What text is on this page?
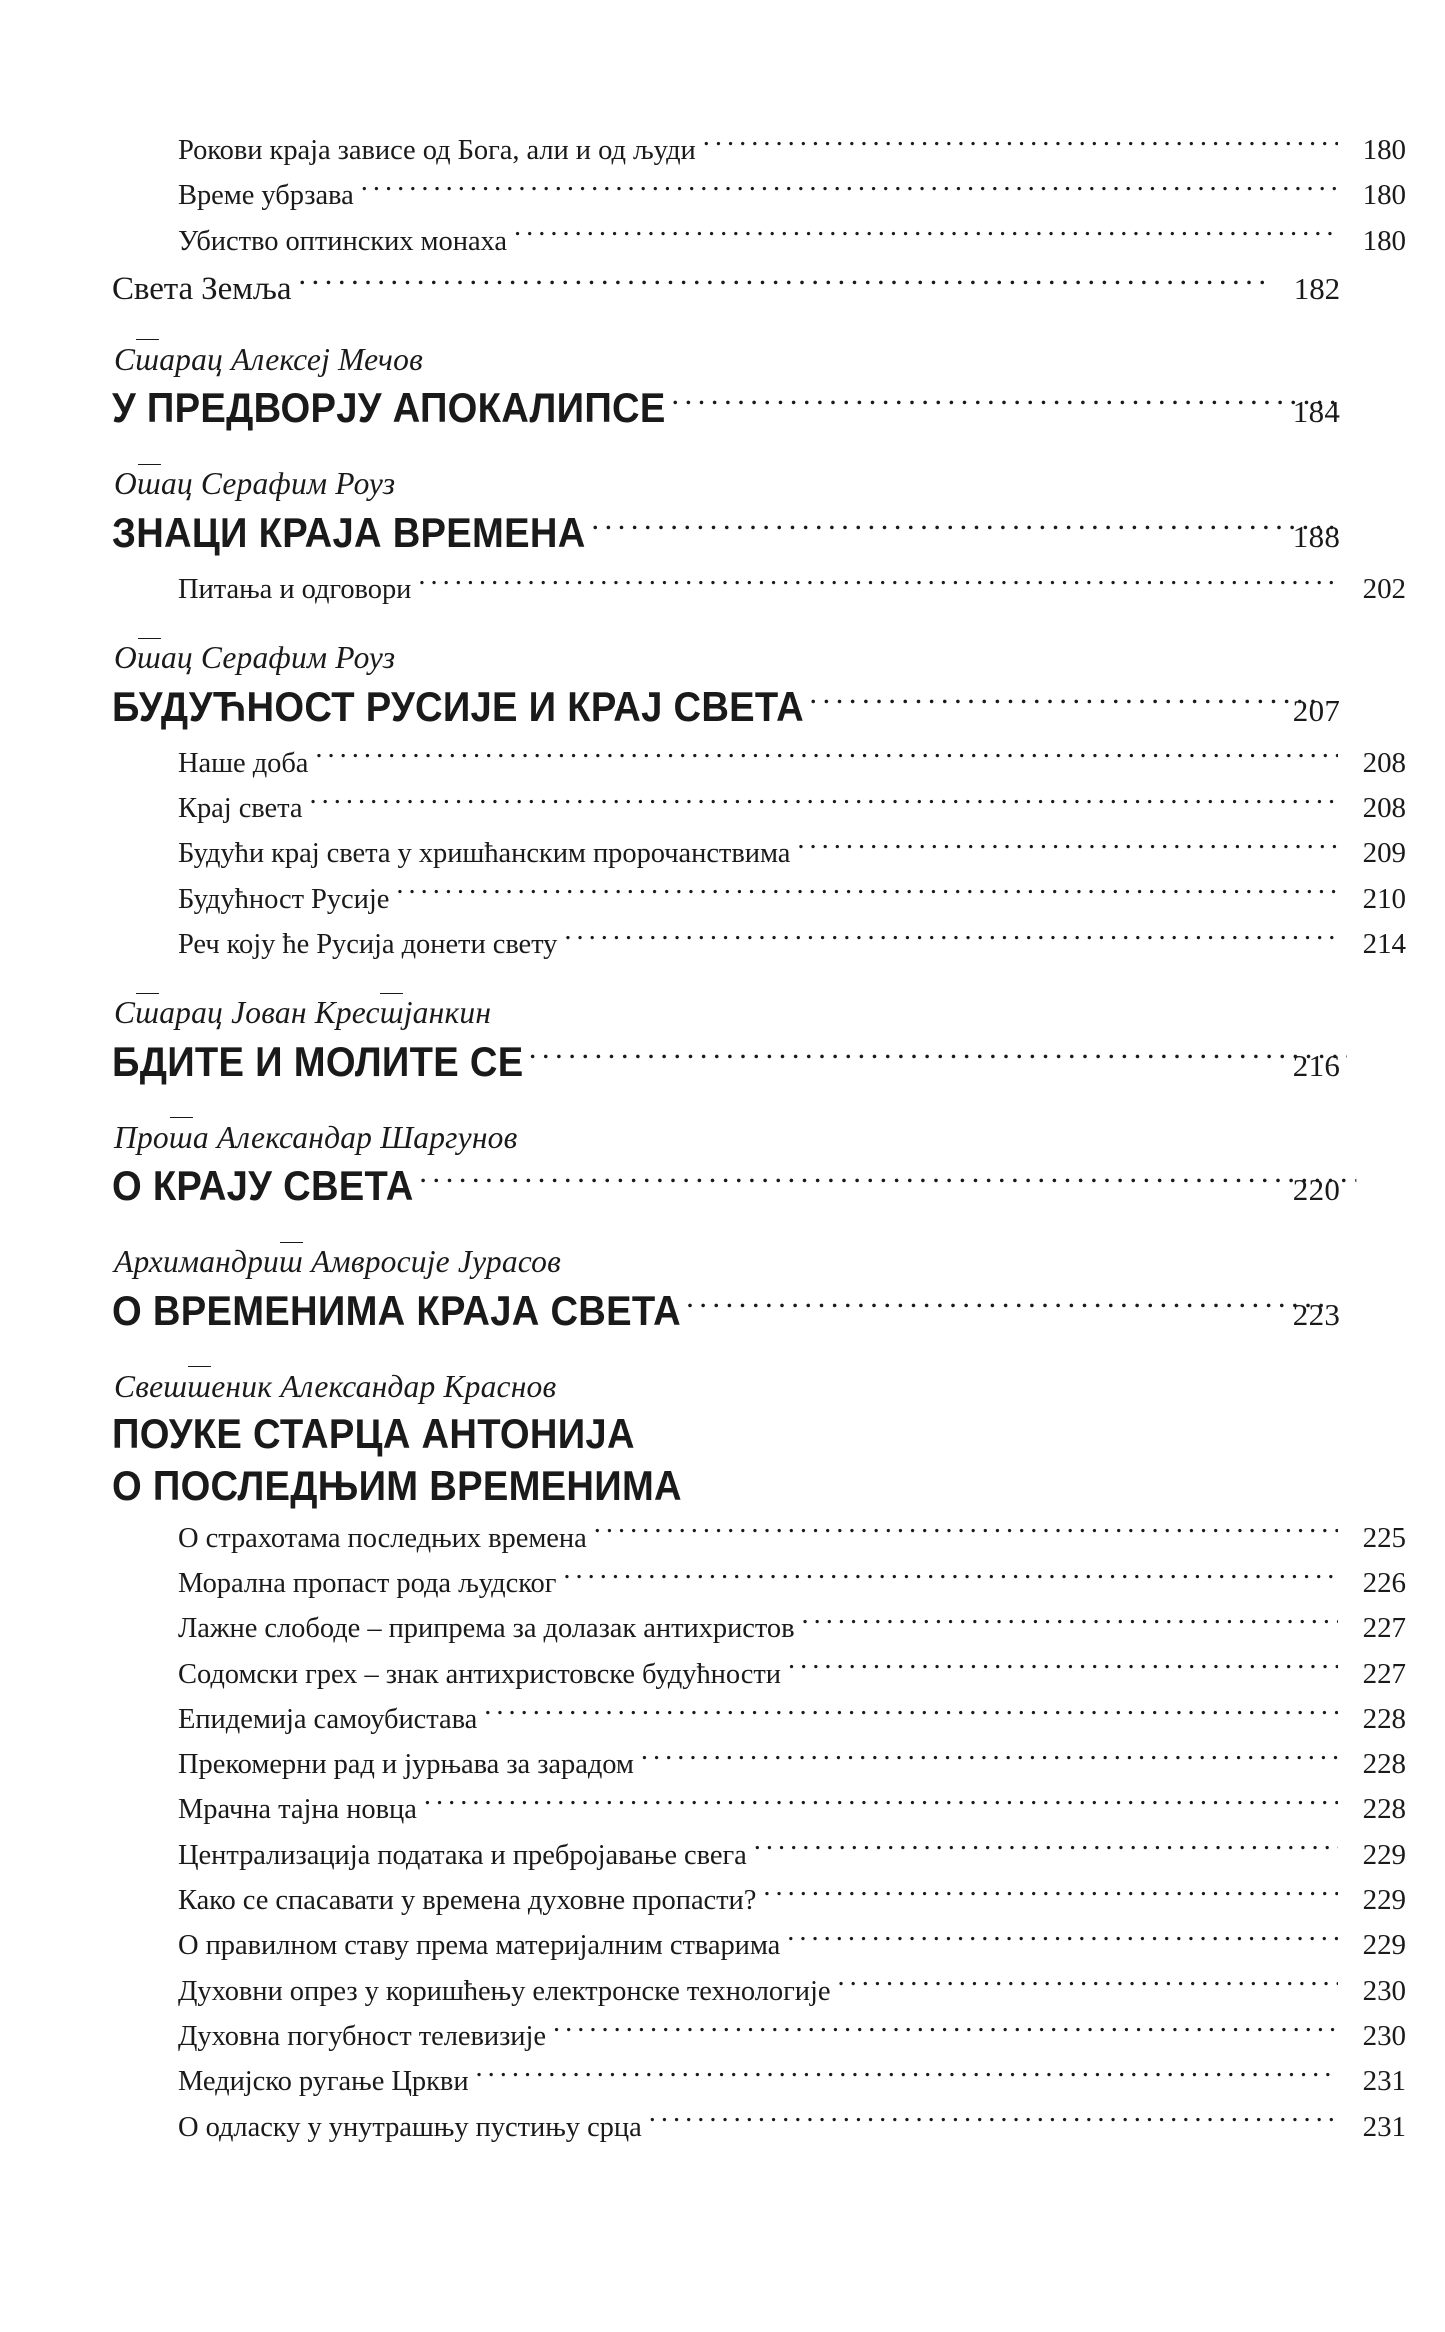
Рокови краја зависе од Бога, али и од људи .....	180
Време убрзава .....	180
Убиство оптинских монаха .....	180
Света Земља .....	182
Сшарац Алексеј Мечов
У ПРЕДВОРЈУ АПОКАЛИПСЕ .....	184
Ошац Серафим Роуз
ЗНАЦИ КРАЈА ВРЕМЕНА .....	188
Питања и одговори .....	202
Ошац Серафим Роуз
БУДУЋНОСТ РУСИЈЕ И КРАЈ СВЕТА .....	207
Наше доба .....	208
Крај света .....	208
Будући крај света у хришћанским пророчанствима .....	209
Будућност Русије .....	210
Реч коју ће Русија донети свету .....	214
Сшарац Јован Кресшјанкин
БДИТЕ И МОЛИТЕ СЕ .....	216
Проша Александар Шаргунов
О КРАЈУ СВЕТА .....	220
Архимандриш Амвросије Јурасов
О ВРЕМЕНИМА КРАЈА СВЕТА .....	223
Свешшеник Александар Краснов
ПОУКЕ СТАРЦА АНТОНИЈА
О ПОСЛЕДЊИМ ВРЕМЕНИМА
О страхотама последњих времена .....	225
Морална пропаст рода људског .....	226
Лажне слободе – припрема за долазак антихристов .....	227
Содомски грех – знак антихристовске будућности .....	227
Епидемија самоубистава .....	228
Прекомерни рад и јурњава за зарадом .....	228
Мрачна тајна новца .....	228
Централизација података и пребројавање свега .....	229
Како се спасавати у времена духовне пропасти? .....	229
О правилном ставу према материјалним стварима .....	229
Духовни опрез у коришћењу електронске технологије .....	230
Духовна погубност телевизије .....	230
Медијско ругање Цркви .....	231
О одласку у унутрашњу пустињу срца .....	231
